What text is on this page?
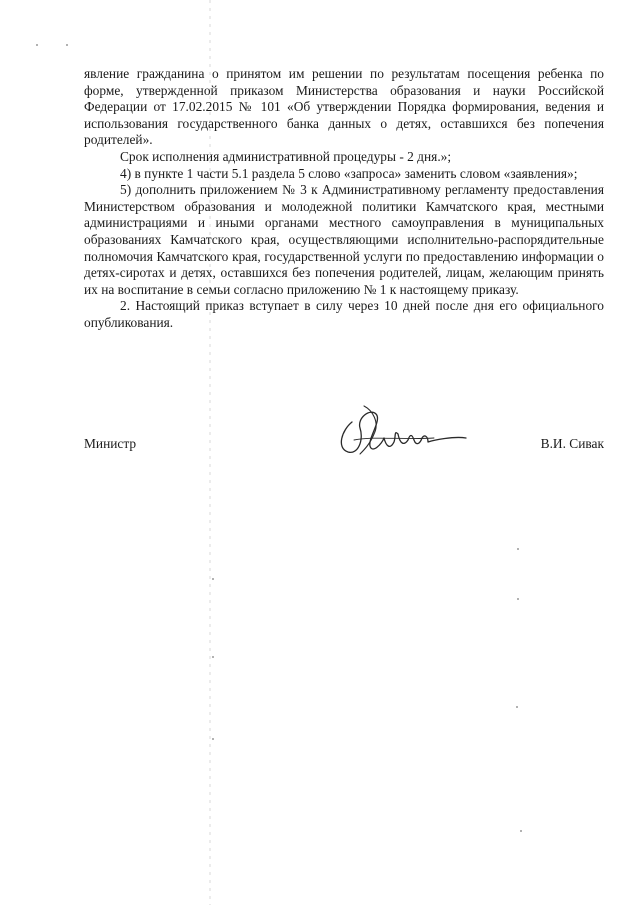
явление гражданина о принятом им решении по результатам посещения ребенка по форме, утвержденной приказом Министерства образования и науки Российской Федерации от 17.02.2015 № 101 «Об утверждении Порядка формирования, ведения и использования государственного банка данных о детях, оставшихся без попечения родителей».

Срок исполнения административной процедуры - 2 дня.»;

4) в пункте 1 части 5.1 раздела 5 слово «запроса» заменить словом «заявления»;

5) дополнить приложением № 3 к Административному регламенту предоставления Министерством образования и молодежной политики Камчатского края, местными администрациями и иными органами местного самоуправления в муниципальных образованиях Камчатского края, осуществляющими исполнительно-распорядительные полномочия Камчатского края, государственной услуги по предоставлению информации о детях-сиротах и детях, оставшихся без попечения родителей, лицам, желающим принять их на воспитание в семьи согласно приложению № 1 к настоящему приказу.

2. Настоящий приказ вступает в силу через 10 дней после дня его официального опубликования.

Министр	В.И. Сивак
